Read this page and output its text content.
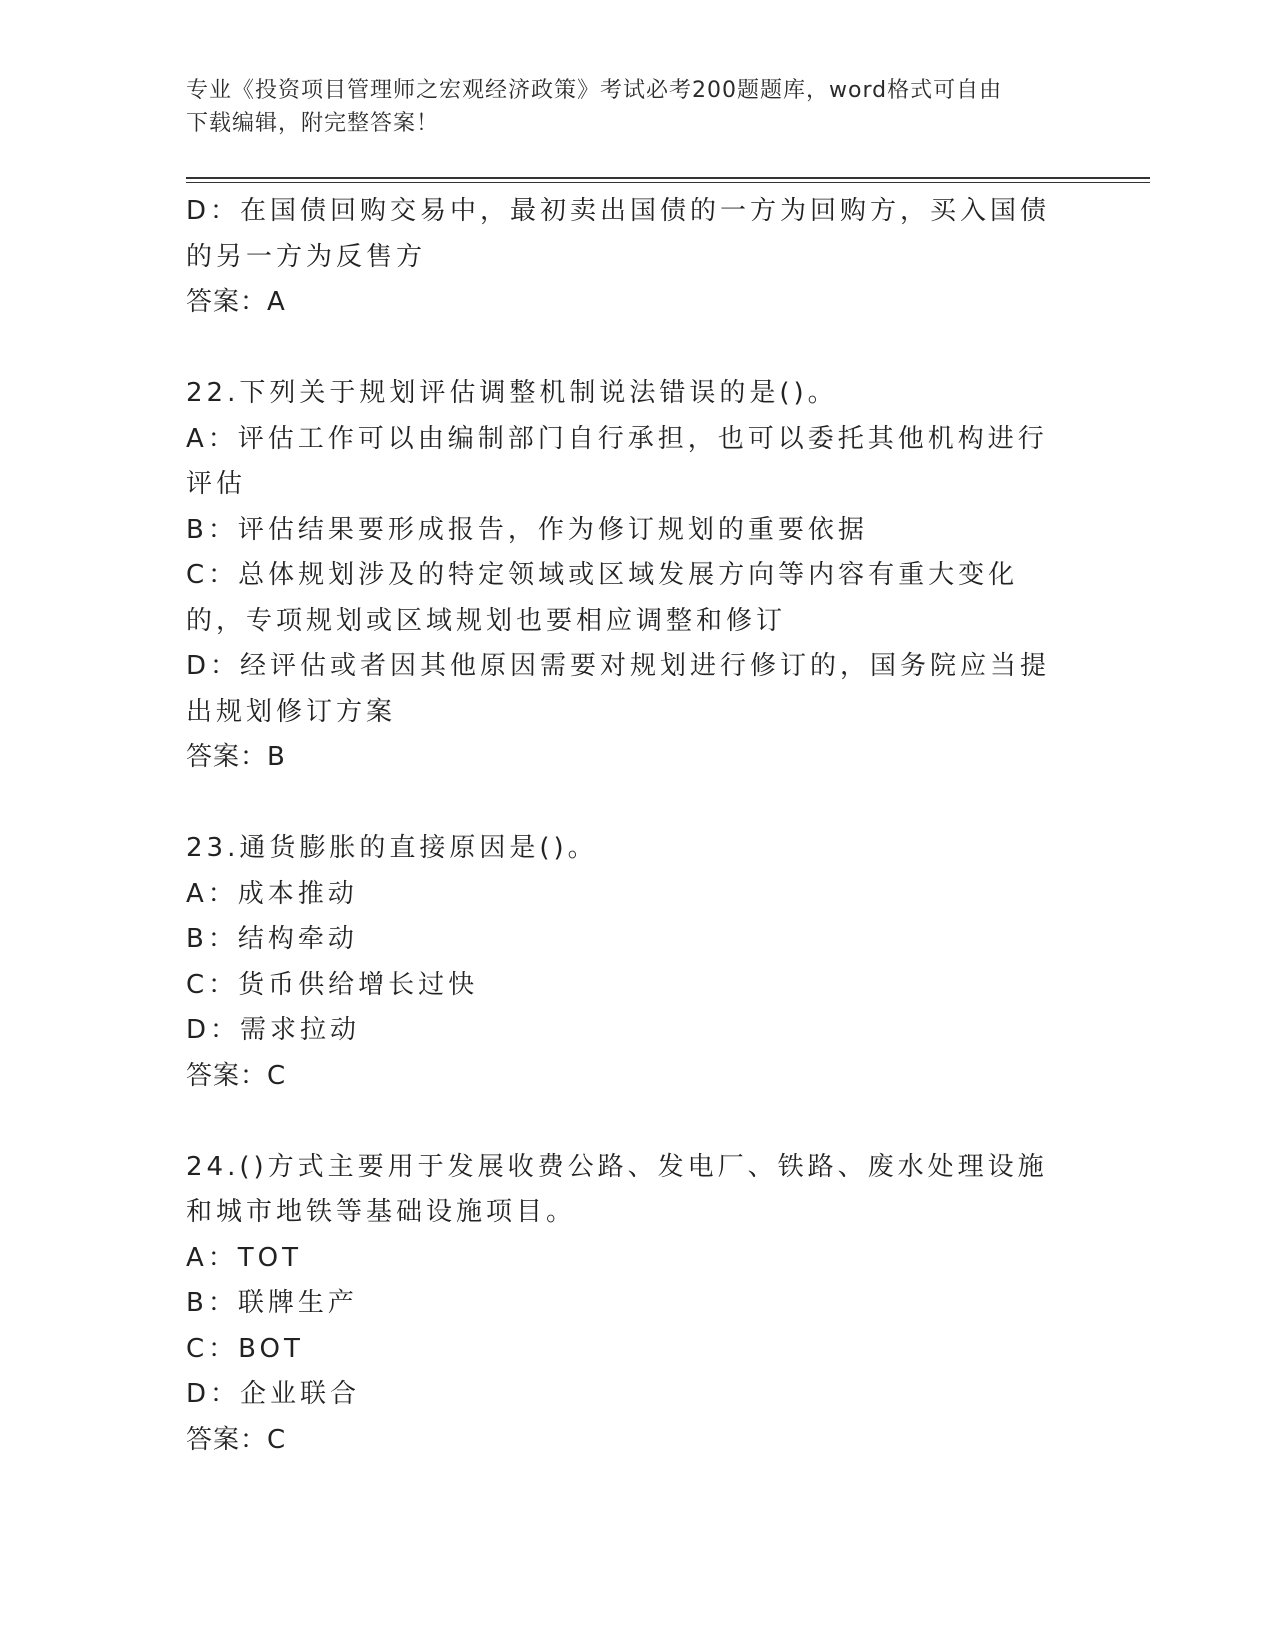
专业《投资项目管理师之宏观经济政策》考试必考200题题库，word格式可自由
下载编辑，附完整答案！

D：在国债回购交易中，最初卖出国债的一方为回购方，买入国债的另一方为反售方

答案：A

22.下列关于规划评估调整机制说法错误的是()。

A：评估工作可以由编制部门自行承担，也可以委托其他机构进行评估

B：评估结果要形成报告，作为修订规划的重要依据

C：总体规划涉及的特定领域或区域发展方向等内容有重大变化的，专项规划或区域规划也要相应调整和修订

D：经评估或者因其他原因需要对规划进行修订的，国务院应当提出规划修订方案

答案：B

23.通货膨胀的直接原因是()。

A：成本推动

B：结构牵动

C：货币供给增长过快

D：需求拉动

答案：C

24.()方式主要用于发展收费公路、发电厂、铁路、废水处理设施和城市地铁等基础设施项目。

A：TOT

B：联牌生产

C：BOT

D：企业联合

答案：C
